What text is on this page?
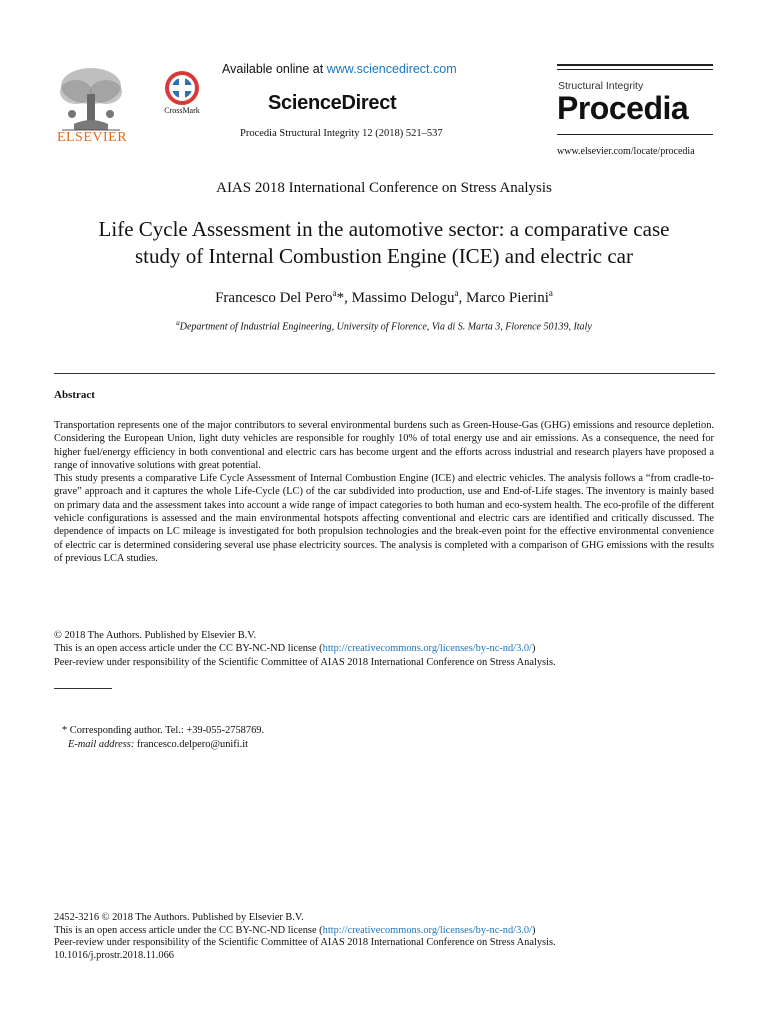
ELSEVIER
CrossMark
Available online at www.sciencedirect.com
ScienceDirect
Procedia Structural Integrity 12 (2018) 521–537
Structural Integrity
Procedia
www.elsevier.com/locate/procedia
AIAS 2018 International Conference on Stress Analysis
Life Cycle Assessment in the automotive sector: a comparative case
study of Internal Combustion Engine (ICE) and electric car
Francesco Del Pero$^a$*, Massimo Delogu$^a$, Marco Pierini$^a$
$^a$Department of Industrial Engineering, University of Florence, Via di S. Marta 3, Florence 50139, Italy
Abstract

Transportation represents one of the major contributors to several environmental burdens such as Green-House-Gas (GHG) emissions and resource depletion. Considering the European Union, light duty vehicles are responsible for roughly 10% of total energy use and air emissions. As a consequence, the need for higher fuel/energy efficiency in both conventional and electric cars has become urgent and the efforts across industrial and research players have proposed a range of innovative solutions with great potential.

This study presents a comparative Life Cycle Assessment of Internal Combustion Engine (ICE) and electric vehicles. The analysis follows a “from cradle-to-grave” approach and it captures the whole Life-Cycle (LC) of the car subdivided into production, use and End-of-Life stages. The inventory is mainly based on primary data and the assessment takes into account a wide range of impact categories to both human and eco-system health. The eco-profile of the different vehicle configurations is assessed and the main environmental hotspots affecting conventional and electric cars are identified and critically discussed. The dependence of impacts on LC mileage is investigated for both propulsion technologies and the break-even point for the effective environmental convenience of electric car is determined considering several use phase electricity sources. The analysis is completed with a comparison of GHG emissions with the results of previous LCA studies.

© 2018 The Authors. Published by Elsevier B.V.
This is an open access article under the CC BY-NC-ND license (http://creativecommons.org/licenses/by-nc-nd/3.0/)
Peer-review under responsibility of the Scientific Committee of AIAS 2018 International Conference on Stress Analysis.
* Corresponding author. Tel.: +39-055-2758769.
E-mail address: francesco.delpero@unifi.it
2452-3216 © 2018 The Authors. Published by Elsevier B.V.
This is an open access article under the CC BY-NC-ND license (http://creativecommons.org/licenses/by-nc-nd/3.0/)
Peer-review under responsibility of the Scientific Committee of AIAS 2018 International Conference on Stress Analysis.
10.1016/j.prostr.2018.11.066
